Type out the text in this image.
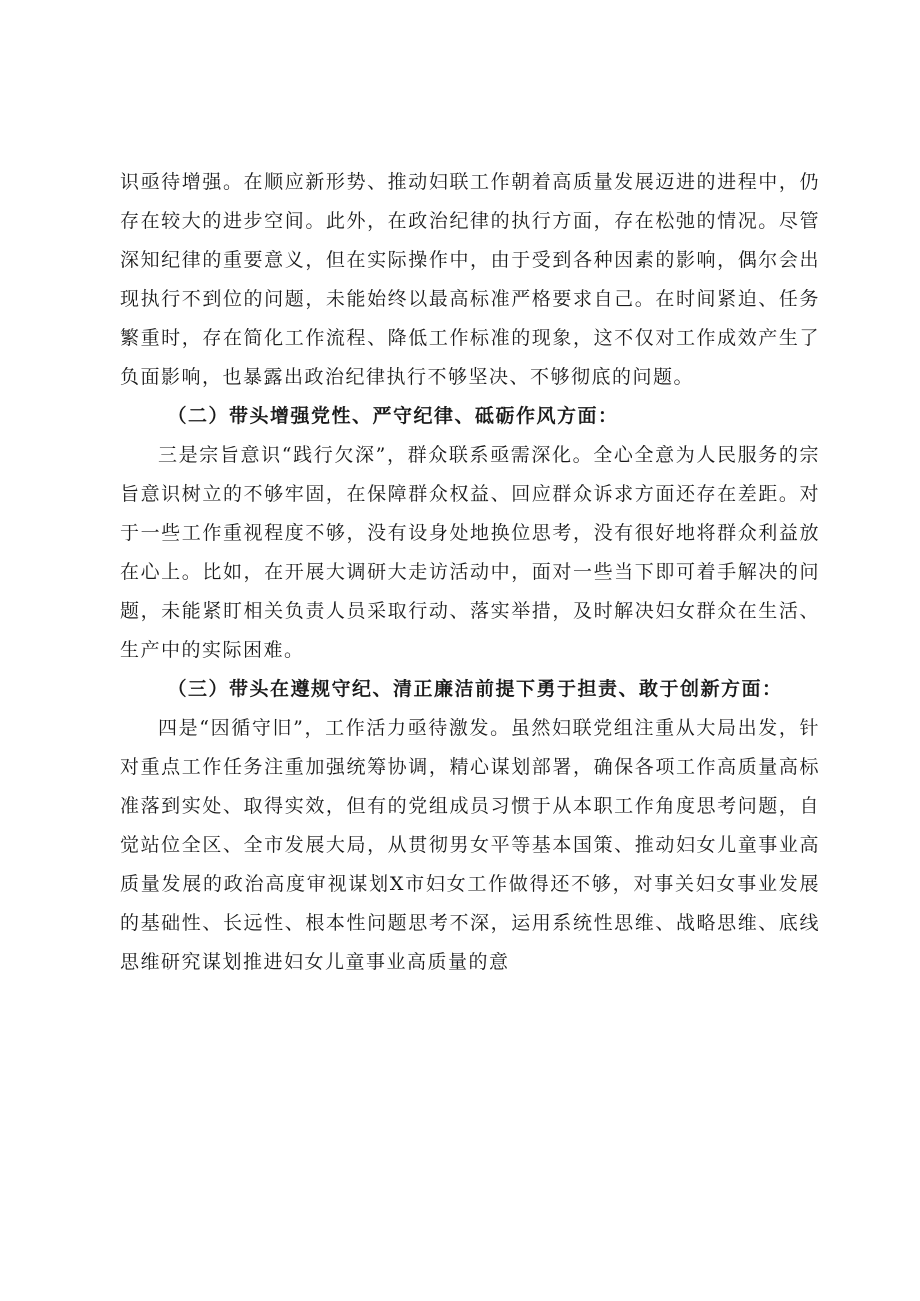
识亟待增强。在顺应新形势、推动妇联工作朝着高质量发展迈进的进程中，仍存在较大的进步空间。此外，在政治纪律的执行方面，存在松弛的情况。尽管深知纪律的重要意义，但在实际操作中，由于受到各种因素的影响，偶尔会出现执行不到位的问题，未能始终以最高标准严格要求自己。在时间紧迫、任务繁重时，存在简化工作流程、降低工作标准的现象，这不仅对工作成效产生了负面影响，也暴露出政治纪律执行不够坚决、不够彻底的问题。

（二）带头增强党性、严守纪律、砥砺作风方面：

三是宗旨意识“践行欠深”，群众联系亟需深化。全心全意为人民服务的宗旨意识树立的不够牢固，在保障群众权益、回应群众诉求方面还存在差距。对于一些工作重视程度不够，没有设身处地换位思考，没有很好地将群众利益放在心上。比如，在开展大调研大走访活动中，面对一些当下即可着手解决的问题，未能紧盯相关负责人员采取行动、落实举措，及时解决妇女群众在生活、生产中的实际困难。

（三）带头在遵规守纪、清正廉洁前提下勇于担责、敢于创新方面：

四是“因循守旧”，工作活力亟待激发。虽然妇联党组注重从大局出发，针对重点工作任务注重加强统筹协调，精心谋划部署，确保各项工作高质量高标准落到实处、取得实效，但有的党组成员习惯于从本职工作角度思考问题，自觉站位全区、全市发展大局，从贯彻男女平等基本国策、推动妇女儿童事业高质量发展的政治高度审视谋划X市妇女工作做得还不够，对事关妇女事业发展的基础性、长远性、根本性问题思考不深，运用系统性思维、战略思维、底线思维研究谋划推进妇女儿童事业高质量的意
